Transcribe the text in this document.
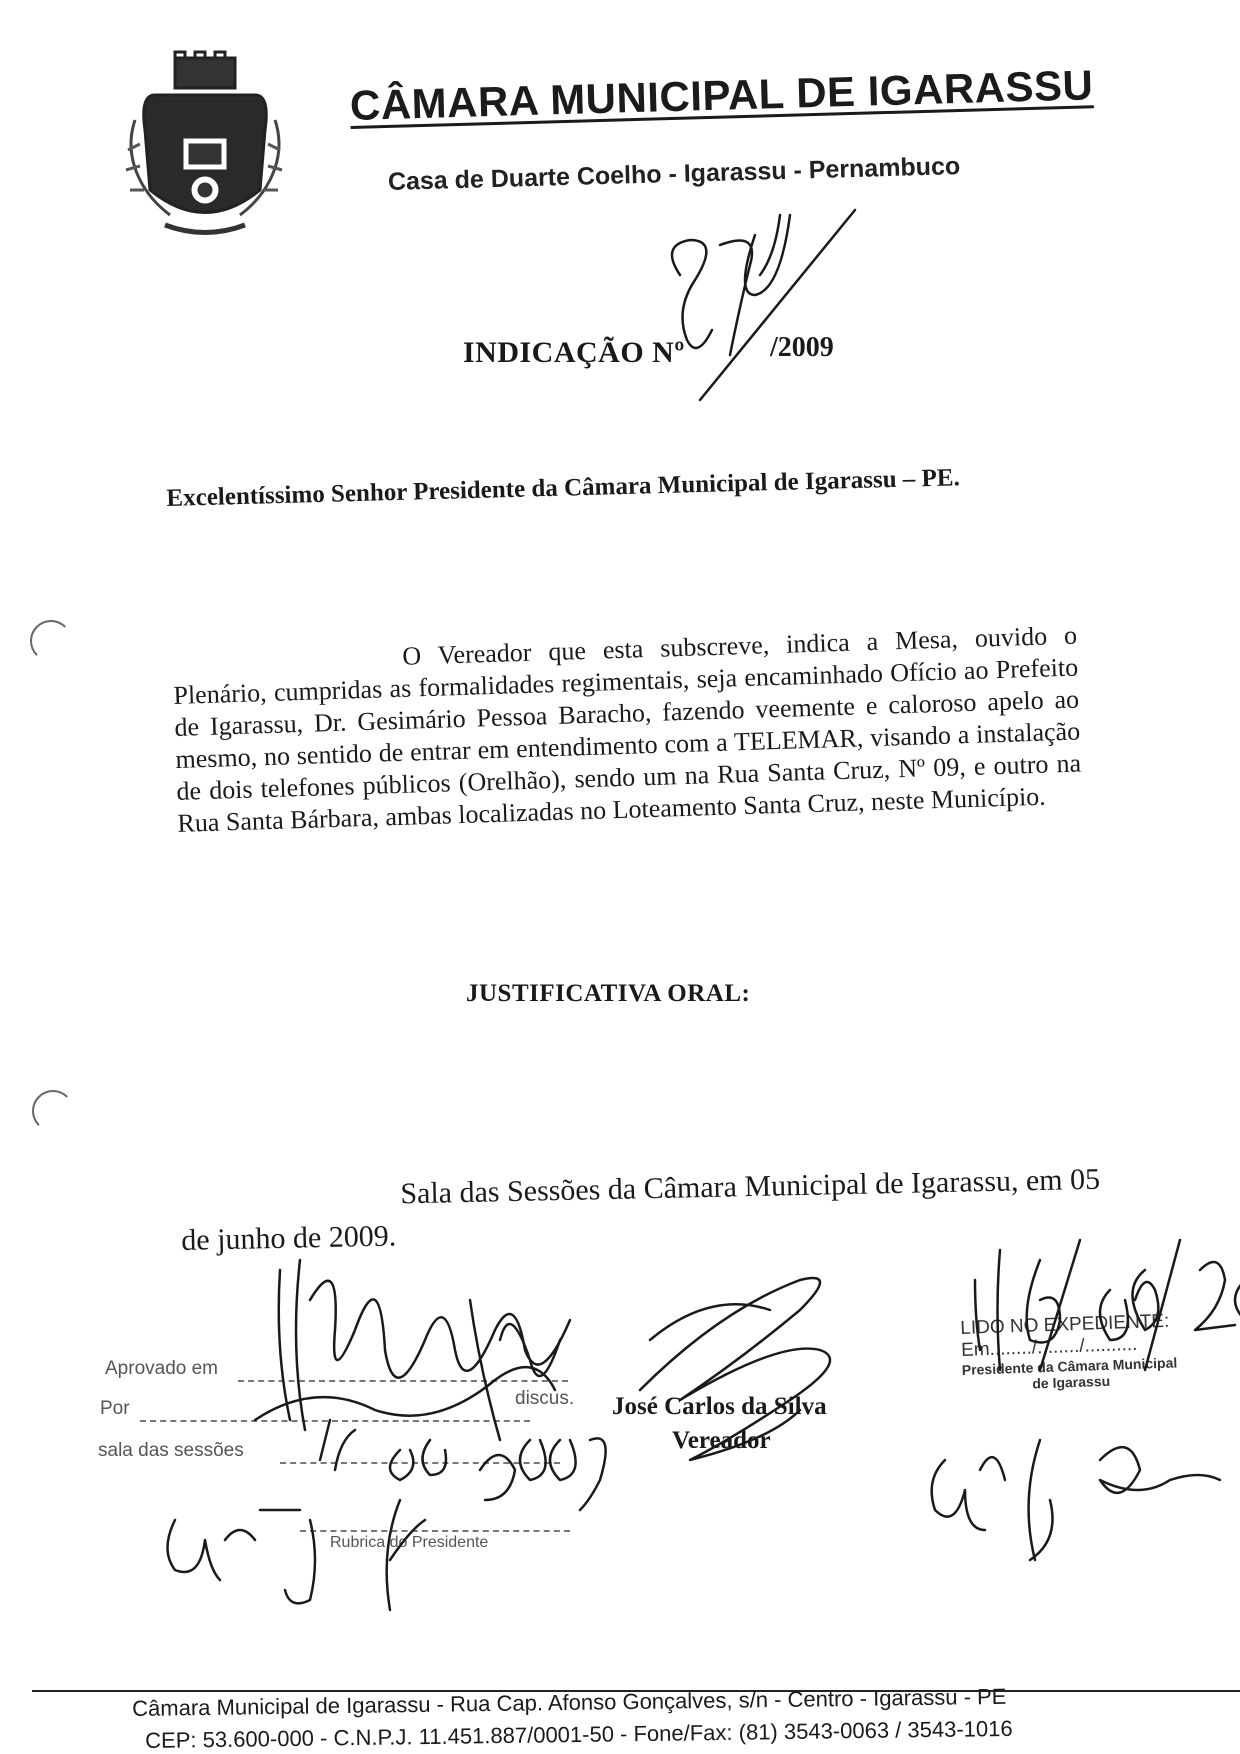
CÂMARA MUNICIPAL DE IGARASSU
Casa de Duarte Coelho - Igarassu - Pernambuco
INDICAÇÃO Nº	/2009
Excelentíssimo Senhor Presidente da Câmara Municipal de Igarassu – PE.
O Vereador que esta subscreve, indica a Mesa, ouvido o Plenário, cumpridas as formalidades regimentais, seja encaminhado Ofício ao Prefeito de Igarassu, Dr. Gesimário Pessoa Baracho, fazendo veemente e caloroso apelo ao mesmo, no sentido de entrar em entendimento com a TELEMAR, visando a instalação de dois telefones públicos (Orelhão), sendo um na Rua Santa Cruz, Nº 09, e outro na Rua Santa Bárbara, ambas localizadas no Loteamento Santa Cruz, neste Município.
JUSTIFICATIVA ORAL:
Sala das Sessões da Câmara Municipal de Igarassu, em 05 de junho de 2009.
Aprovado em
Por	discus.
sala das sessões
Rubrica do Presidente
José Carlos da Silva
Vereador
LIDO NO EXPEDIENTE:
Em......../......../..........
Presidente da Câmara Municipal
de Igarassu
Câmara Municipal de Igarassu - Rua Cap. Afonso Gonçalves, s/n - Centro - Igarassu - PE
CEP: 53.600-000 - C.N.P.J. 11.451.887/0001-50 - Fone/Fax: (81) 3543-0063 / 3543-1016
